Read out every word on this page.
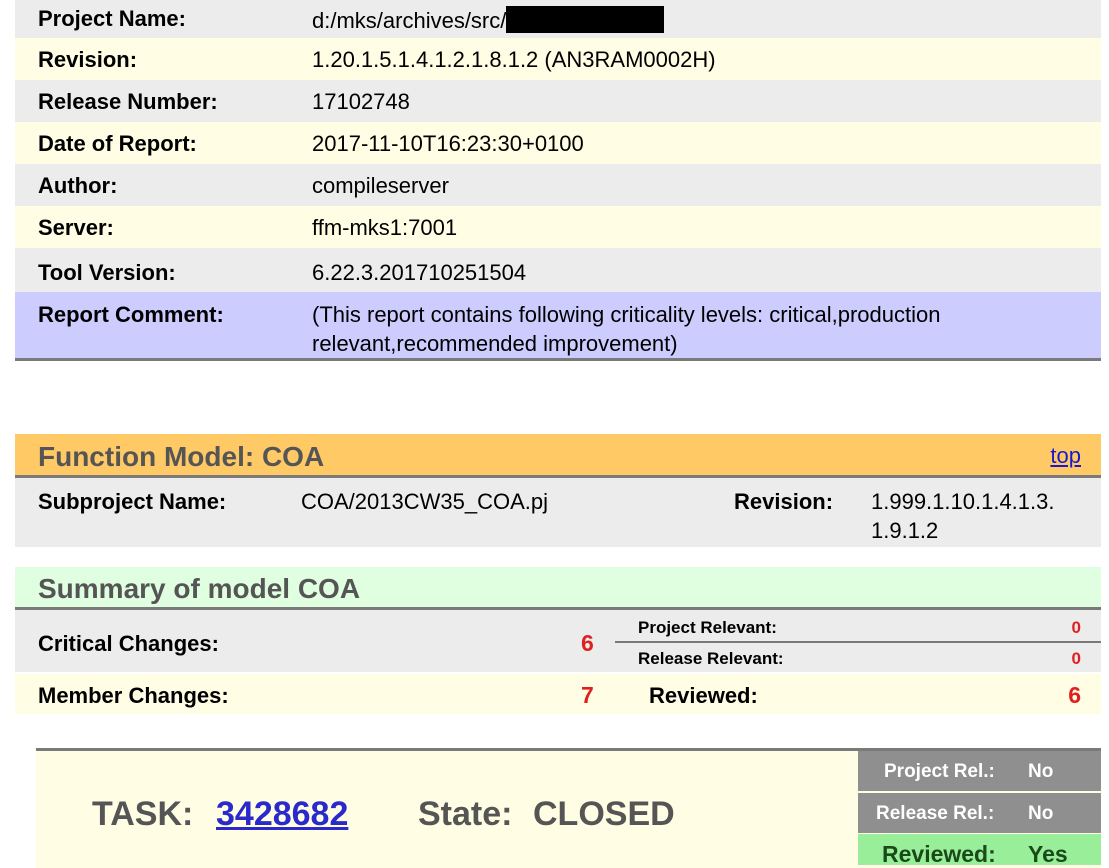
Project Name:	d:/mks/archives/src/
Revision:	1.20.1.5.1.4.1.2.1.8.1.2 (AN3RAM0002H)
Release Number:	17102748
Date of Report:	2017-11-10T16:23:30+0100
Author:	compileserver
Server:	ffm-mks1:7001
Tool Version:	6.22.3.201710251504
Report Comment:	(This report contains following criticality levels: critical,production
relevant,recommended improvement)
Function Model: COA	top
Subproject Name:	COA/2013CW35_COA.pj	Revision: 1.999.1.10.1.4.1.3.
1.9.1.2
Summary of model COA
Critical Changes:	6
Project Relevant:	0
Release Relevant:	0
Member Changes:	7	Reviewed:	6
TASK: 3428682 State: CLOSED
Project Rel.: No
Release Rel.: No
Reviewed: Yes
